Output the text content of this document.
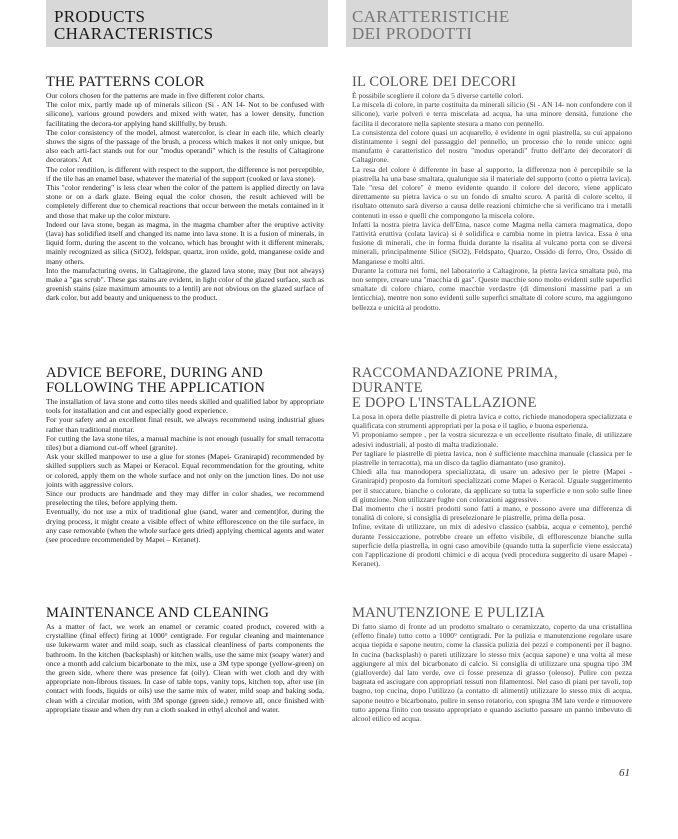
PRODUCTS
CHARACTERISTICS
CARATTERISTICHE
DEI PRODOTTI
THE PATTERNS COLOR

Our colors chosen for the patterns are made in five different color charts.

The color mix, partly made up of minerals silicon (Si - AN 14- Not to be confused with silicone), various ground powders and mixed with water, has a lower density, function facilitating the decora-tor applying hand skillfully, by brush.

The color consistency of the model, almost watercolor, is clear in each tile, which clearly shows the signs of the passage of the brush, a process which makes it not only unique, but also each arti-fact stands out for our "modus operandi" which is the results of Caltagirone decorators.' Art

The color rendition, is different with respect to the support, the difference is not perceptible, if the tile has an enamel base, whatever the material of the support (cooked or lava stone).

This "color rendering" is less clear when the color of the pattern is applied directly on lava stone or on a dark glaze. Being equal the color chosen, the result achieved will be completely different due to chemical reactions that occur between the metals contained in it and those that make up the color mixture.

Indeed our lava stone, began as magma, in the magma chamber after the eruptive activity (lava) has solidified itself and changed its name into lava stone. It is a fusion of minerals, in liquid form, during the ascent to the volcano, which has brought with it different minerals, mainly recognized as silica (SiO2), feldspar, quartz, iron oxide, gold, manganese oxide and many others.

Into the manufacturing ovens, in Caltagirone, the glazed lava stone, may (but not always) make a "gas scrub". These gas stains are evident, in light color of the glazed surface, such as greenish stains (size maximum amounts to a lentil) are not obvious on the glazed surface of dark color, but add beauty and uniqueness to the product.

ADVICE BEFORE, DURING AND
FOLLOWING THE APPLICATION

The installation of lava stone and cotto tiles needs skilled and qualified labor by appropriate tools for installation and cut and especially good experience.

For your safety and an excellent final result, we always recommend using industrial glues rather than traditional mortar.

For cutting the lava stone tiles, a manual machine is not enough (usually for small terracotta tiles) but a diamond cut-off wheel (granite).

Ask your skilled manpower to use a glue for stones (Mapei- Granirapid) recommended by skilled suppliers such as Mapei or Keracol. Equal recommendation for the grouting, white or colored, apply them on the whole surface and not only on the junction lines. Do not use joints with aggressive colors.

Since our products are handmade and they may differ in color shades, we recommend preselecting the tiles, before applying them.

Eventually, do not use a mix of traditional glue (sand, water and cement)for, during the drying process, it might create a visible effect of white efflorescence on the tile surface, in any case removable (when the whole surface gets dried) applying chemical agents and water (see procedure recommended by Mapei – Keranet).

MAINTENANCE AND CLEANING

As a matter of fact, we work an enamel or ceramic coated product, covered with a crystalline (final effect) firing at 1000° centigrade. For regular cleaning and maintenance use lukewarm water and mild soap, such as classical cleanliness of parts components the bathroom. In the kitchen (backsplash) or kitchen walls, use the same mix (soapy water) and once a month add calcium bicarbonate to the mix, use a 3M type sponge (yellow-green) on the green side, where there was presence fat (oily). Clean with wet cloth and dry with appropriate non-fibrous tissues. In case of table tops, vanity tops, kitchen top, after use (in contact with foods, liquids or oils) use the same mix of water, mild soap and baking soda, clean with a circular motion, with 3M sponge (green side,) remove all, once finished with appropriate tissue and when dry run a cloth soaked in ethyl alcohol and water.

IL COLORE DEI DECORI

È possibile scegliere il colore da 5 diverse cartelle colori.

La miscela di colore, in parte costituita da minerali silicio (Si - AN 14- non confondere con il silicone), varie polveri e terra miscelata ad acqua, ha una minore densità, funzione che facilita il decoratore nella sapiente stesura a mano con pennello.

La consistenza del colore quasi un acquarello, è evidente in ogni piastrella, su cui appaiono distintamente i segni del passaggio del pennello, un processo che lo rende unico: ogni manufatto è caratteristico del nostro "modus operandi" frutto dell'arte dei decoratori di Caltagirone.

La resa del colore è differente in base al supporto, la differenza non è percepibile se la piastrella ha una base smaltata, qualunque sia il materiale del supporto (cotto o pietra lavica).

Tale "resa del colore" è meno evidente quando il colore del decoro, viene applicato direttamente su pietra lavica o su un fondo di smalto scuro. A parità di colore scelto, il risultato ottenuto sarà diverso a causa delle reazioni chimiche che si verificano tra i metalli contenuti in esso e quelli che compongono la miscela colore.

Infatti la nostra pietra lavica dell'Etna, nasce come Magma nella camera magmatica, dopo l'attività eruttiva (colata lavica) si è solidifica e cambia nome in pietra lavica. Essa è una fusione di minerali, che in forma fluida durante la risalita al vulcano porta con se diversi minerali, principalmente Silice (SiO2), Feldspato, Quarzo, Ossido di ferro, Oro, Ossido di Manganese e molti altri.

Durante la cottura nei forni, nel laboratorio a Caltagirone, la pietra lavica smaltata può, ma non sempre, creare una "macchia di gas". Queste macchie sono molto evidenti sulle superfici smaltate di colore chiaro, come macchie verdastre (di dimensioni massime pari a un lenticchia), mentre non sono evidenti sulle superfici smaltate di colore scuro, ma aggiungono bellezza e unicità al prodotto.

RACCOMANDAZIONE PRIMA, DURANTE
E DOPO L'INSTALLAZIONE

La posa in opera delle piastrelle di pietra lavica e cotto, richiede manodopera specializzata e qualificata con strumenti appropriati per la posa e il taglio, e buona esperienza.

Vi proponiamo sempre , per la vostra sicurezza e un eccellente risultato finale, di utilizzare adesivi industriali, al posto di malta tradizionale.

Per tagliare le piastrelle di pietra lavica, non è sufficiente macchina manuale (classica per le piastrelle in terracotta), ma un disco da taglio diamantato (uso granito).

Chiedi alla tua manodopera specializzata, di usare un adesivo per le pietre (Mapei - Granirapid) proposto da fornitori specializzati come Mapei o Keracol. Uguale suggerimento per il stuccature, bianche o colorate, da applicare su tutta la superficie e non solo sulle linee di giunzione. Non utilizzare fughe con colorazioni aggressive.

Dal momento che i nostri prodotti sono fatti a mano, e possono avere una differenza di tonalità di colore, si consiglia di preselezionare le piastrelle, prima della posa.

Infine, evitate di utilizzare, un mix di adesivo classico (sabbia, acqua e cemento), perché durante l'essiccazione, potrebbe creare un effetto visibile, di efflorescenze bianche sulla superficie della piastrella, in ogni caso amovibile (quando tutta la superficie viene essiccata) con l'applicazione di prodotti chimici e di acqua (vedi procedura suggerito di usare Mapei - Keranet).

MANUTENZIONE E PULIZIA

Di fatto siamo di fronte ad un prodotto smaltato o ceramizzato, coperto da una cristallina (effetto finale) tutto cotto a 1000° centigradi. Per la pulizia e manutenzione regolare usare acqua tiepida e sapone neutro, come la classica pulizia dei pezzi e componenti per il bagno. In cucina (backsplash) o pareti utilizzare lo stesso mix (acqua sapone) e una volta al mese aggiungere al mix del bicarbonato di calcio. Si consiglia di utilizzare una spugna tipo 3M (gialloverde) dal lato verde, ove ci fosse presenza di grasso (oleoso). Pulire con pezza bagnata ed asciugare con appropriati tessuti non filamentosi. Nel caso di piani per tavoli, top bagno, top cucina, dopo l'utilizzo (a contatto di alimenti) utilizzare lo stesso mix di acqua, sapone neutro e bicarbonato, pulire in senso rotatorio, con spugna 3M lato verde e rimuovere tutto appena finito con tessuto appropriato e quando asciutto passare un panno imbevuto di alcool etilico ed acqua.

61
